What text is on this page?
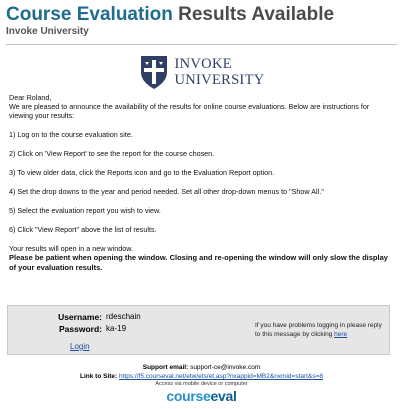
Course Evaluation Results Available
Invoke University
INVOKE
UNIVERSITY

Dear Roland,

We are pleased to announce the availability of the results for online course evaluations. Below are instructions for viewing your results:

1) Log on to the course evaluation site.

2) Click on 'View Report' to see the report for the course chosen.

3) To view older data, click the Reports icon and go to the Evaluation Report option.

4) Set the drop downs to the year and period needed. Set all other drop-down menus to "Show All."

5) Select the evaluation report you wish to view.

6) Click "View Report" above the list of results.

Your results will open in a new window.

Please be patient when opening the window. Closing and re-opening the window will only slow the display of your evaluation results.

Username: rdeschain
Password: ka-19
Login
If you have problems logging in please reply to this message by clicking here
Support email: support-ce@invoke.com
Link to Site: https://f5.courseval.net/etw/ets/et.asp?nxappid=MB2&nxmid=start&s=8
Access via mobile device or computer
courseeval
